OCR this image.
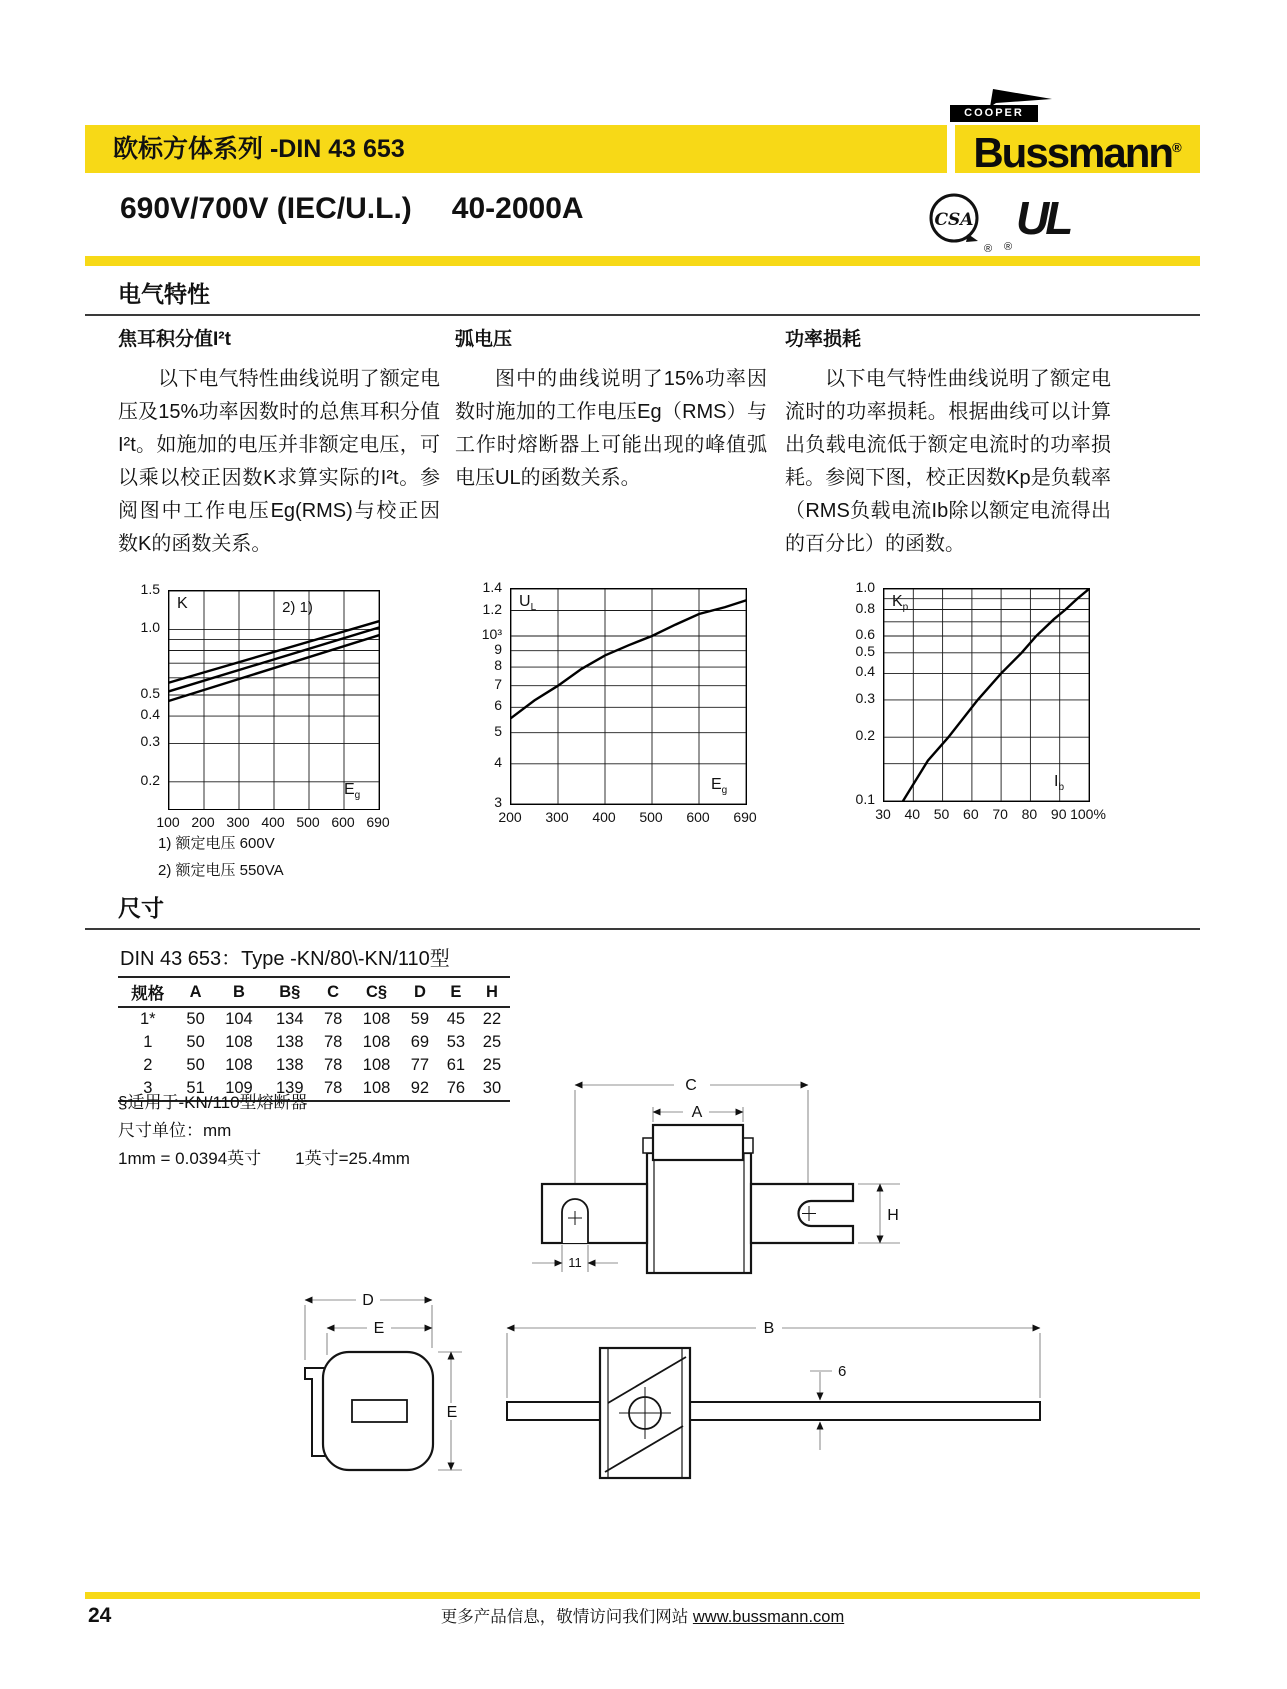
COOPER
欧标方体系列 -DIN 43 653	Bussmann®
690V/700V (IEC/U.L.) 40-2000A	CSA
®
UL
®
电气特性
焦耳积分值I²t

以下电气特性曲线说明了额定电压及15%功率因数时的总焦耳积分值I²t。如施加的电压并非额定电压，可以乘以校正因数K求算实际的I²t。参阅图中工作电压Eg(RMS)与校正因数K的函数关系。

弧电压

图中的曲线说明了15%功率因数时施加的工作电压Eg（RMS）与工作时熔断器上可能出现的峰值弧电压UL的函数关系。

功率损耗

以下电气特性曲线说明了额定电流时的功率损耗。根据曲线可以计算出负载电流低于额定电流时的功率损耗。参阅下图，校正因数Kp是负载率（RMS负载电流Ib除以额定电流得出的百分比）的函数。

1.5
1.0
0.5
0.4
0.3
0.2
100 200 300 400 500 600 690
K
$E_g$
2) 1)
1.4
1.2
10³
9
8
7
6
5
4
3
200	300	400	500	600	690
$U_L$
$E_g$
1.0
0.8
0.6
0.5
0.4
0.3
0.2
0.1
30 40 50 60 70 80 90 100%
$K_p$
$I_b$
1) 额定电压 600V
2) 额定电压 550VA
尺寸
DIN 43 653：Type -KN/80\-KN/110型
规格	A	B	B§	C	C§	D	E	H
1*	50	104	134	78	108	59	45	22
1	50	108	138	78	108	69	53	25
2	50	108	138	78	108	77	61	25
3	51	109	139	78	108	92	76	30
§适用于-KN/110型熔断器
尺寸单位：mm
1mm = 0.0394英寸　　1英寸=25.4mm
C
A
H
11
D
E
E
B
6
24	更多产品信息，敬情访问我们网站 www.bussmann.com
